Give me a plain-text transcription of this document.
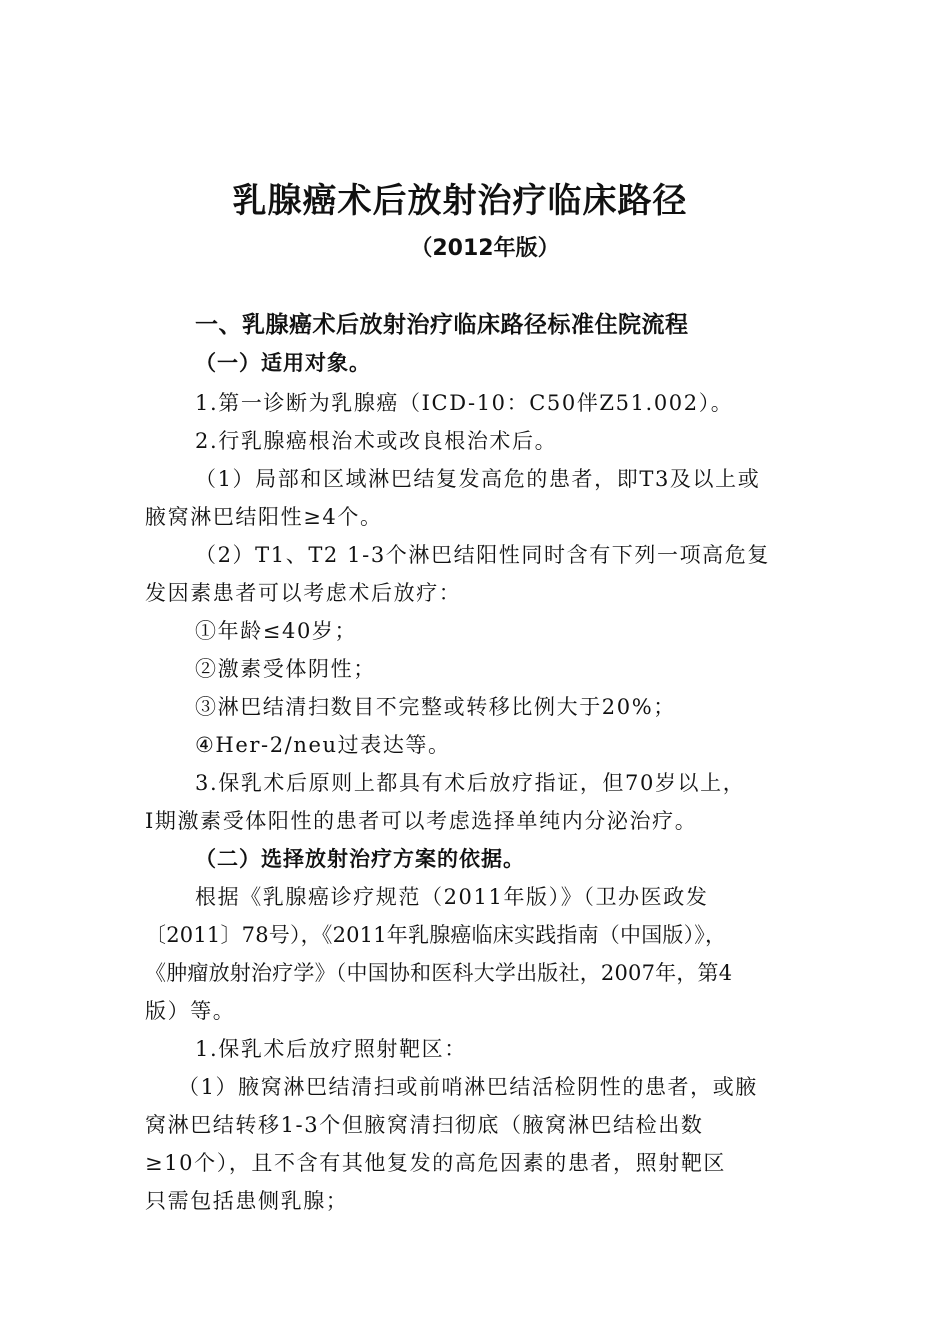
乳腺癌术后放射治疗临床路径
（2012年版）
一、乳腺癌术后放射治疗临床路径标准住院流程
（一）适用对象。
1.第一诊断为乳腺癌（ICD-10：C50伴Z51.002）。
2.行乳腺癌根治术或改良根治术后。
（1）局部和区域淋巴结复发高危的患者，即T3及以上或
腋窝淋巴结阳性≥4个。
（2）T1、T2 1-3个淋巴结阳性同时含有下列一项高危复
发因素患者可以考虑术后放疗：
①年龄≤40岁；
②激素受体阴性；
③淋巴结清扫数目不完整或转移比例大于20%；
④Her-2/neu过表达等。
3.保乳术后原则上都具有术后放疗指证，但70岁以上，
I期激素受体阳性的患者可以考虑选择单纯内分泌治疗。
（二）选择放射治疗方案的依据。
根据《乳腺癌诊疗规范（2011年版）》（卫办医政发
〔2011〕78号），《2011年乳腺癌临床实践指南（中国版）》，
《肿瘤放射治疗学》（中国协和医科大学出版社，2007年，第4
版）等。
1.保乳术后放疗照射靶区：
（1）腋窝淋巴结清扫或前哨淋巴结活检阴性的患者，或腋
窝淋巴结转移1-3个但腋窝清扫彻底（腋窝淋巴结检出数
≥10个），且不含有其他复发的高危因素的患者，照射靶区
只需包括患侧乳腺；
